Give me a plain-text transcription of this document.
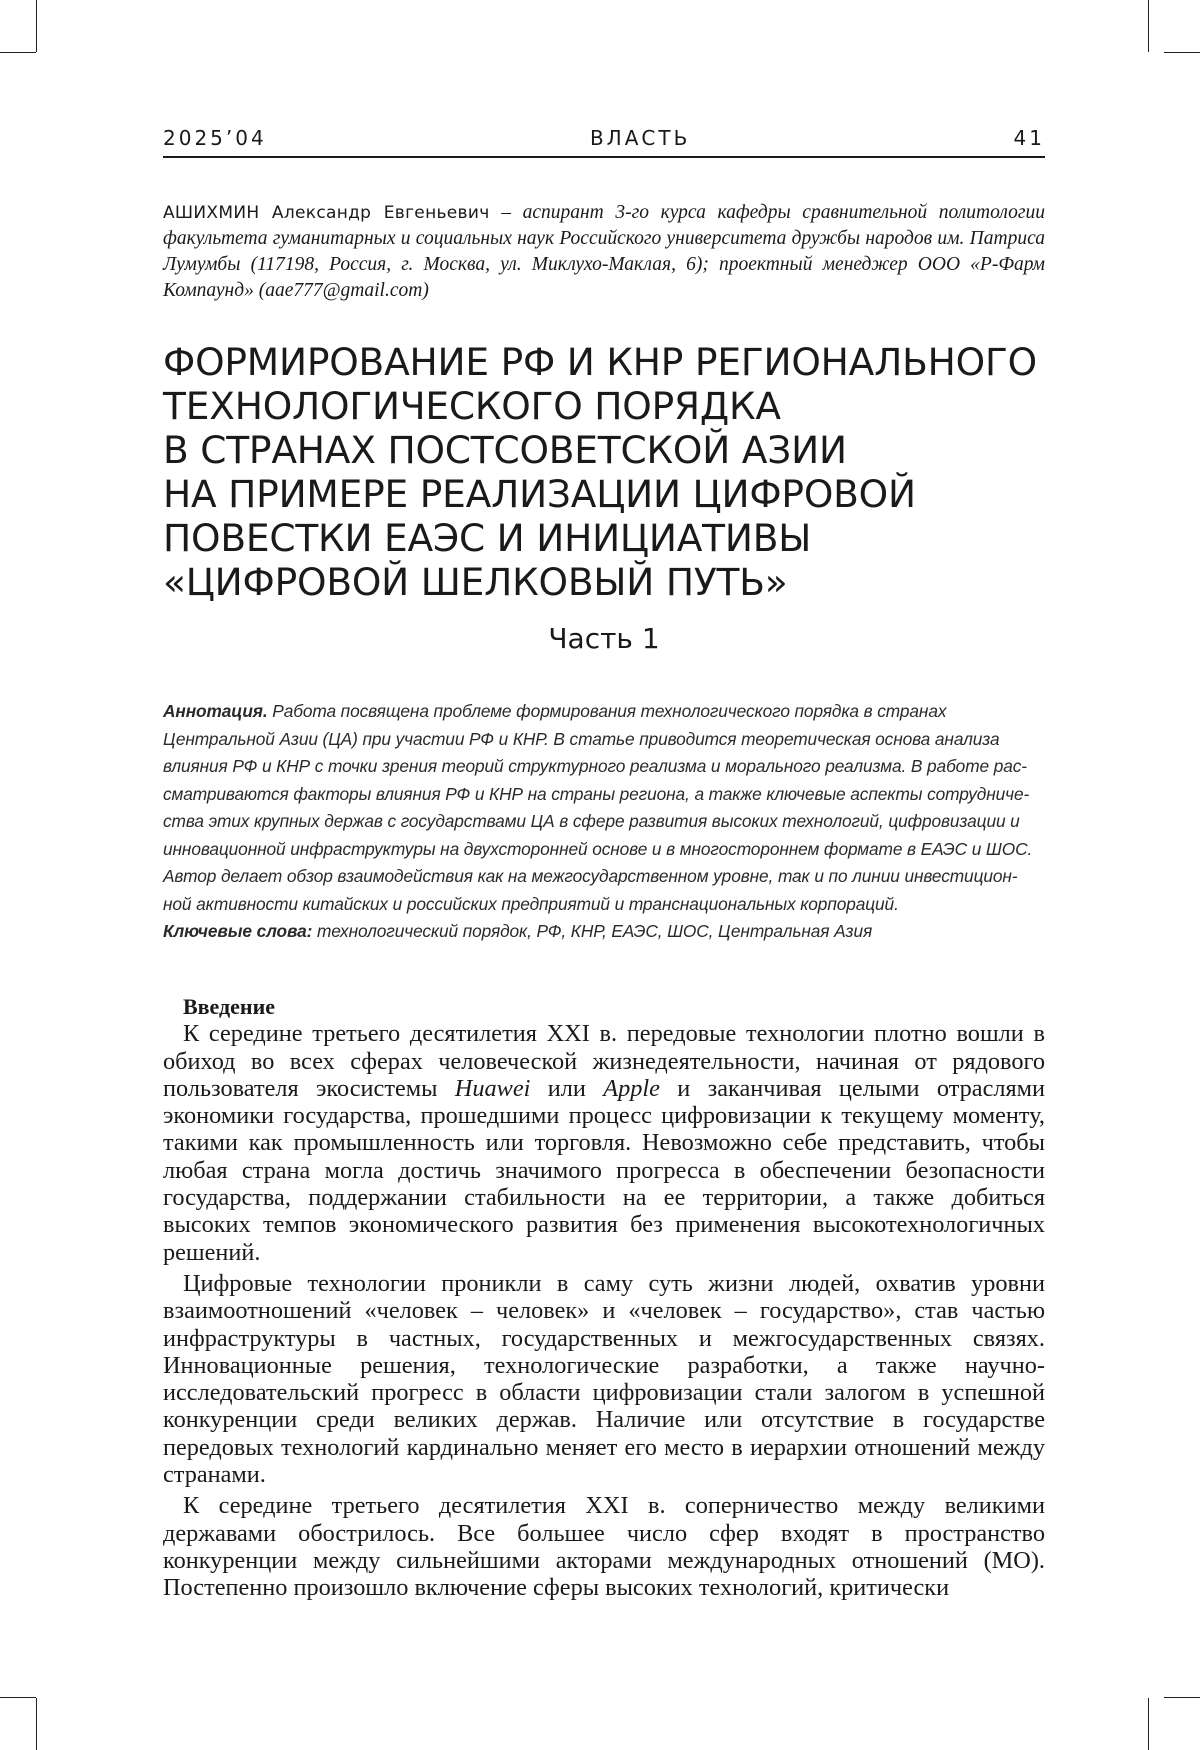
2025’04	ВЛАСТЬ	41
АШИХМИН Александр Евгеньевич – аспирант 3-го курса кафедры сравнительной политологии факультета гуманитарных и социальных наук Российского университета дружбы народов им. Патриса Лумумбы (117198, Россия, г. Москва, ул. Миклухо-Маклая, 6); проектный менеджер ООО «Р-Фарм Компаунд» (aae777@gmail.com)
ФОРМИРОВАНИЕ РФ И КНР РЕГИОНАЛЬНОГО
ТЕХНОЛОГИЧЕСКОГО ПОРЯДКА
В СТРАНАХ ПОСТСОВЕТСКОЙ АЗИИ
НА ПРИМЕРЕ РЕАЛИЗАЦИИ ЦИФРОВОЙ
ПОВЕСТКИ ЕАЭС И ИНИЦИАТИВЫ
«ЦИФРОВОЙ ШЕЛКОВЫЙ ПУТЬ»
Часть 1
Аннотация. Работа посвящена проблеме формирования технологического порядка в странах
Центральной Азии (ЦА) при участии РФ и КНР. В статье приводится теоретическая основа анализа
влияния РФ и КНР с точки зрения теорий структурного реализма и морального реализма. В работе рас-
сматриваются факторы влияния РФ и КНР на страны региона, а также ключевые аспекты сотрудниче-
ства этих крупных держав с государствами ЦА в сфере развития высоких технологий, цифровизации и
инновационной инфраструктуры на двухсторонней основе и в многостороннем формате в ЕАЭС и ШОС.
Автор делает обзор взаимодействия как на межгосударственном уровне, так и по линии инвестицион-
ной активности китайских и российских предприятий и транснациональных корпораций.
Ключевые слова: технологический порядок, РФ, КНР, ЕАЭС, ШОС, Центральная Азия

Введение

К середине третьего десятилетия XXI в. передовые технологии плотно вошли в обиход во всех сферах человеческой жизнедеятельности, начиная от рядового пользователя экосистемы Huawei или Apple и заканчивая целыми отраслями экономики государства, прошедшими процесс цифровизации к текущему моменту, такими как промышленность или торговля. Невозможно себе представить, чтобы любая страна могла достичь значимого прогресса в обеспечении безопасности государства, поддержании стабильности на ее территории, а также добиться высоких темпов экономического развития без применения высокотехнологичных решений.

Цифровые технологии проникли в саму суть жизни людей, охватив уровни взаимоотношений «человек – человек» и «человек – государство», став частью инфраструктуры в частных, государственных и межгосударственных связях. Инновационные решения, технологические разработки, а также научно-исследовательский прогресс в области цифровизации стали залогом в успешной конкуренции среди великих держав. Наличие или отсутствие в государстве передовых технологий кардинально меняет его место в иерархии отношений между странами.

К середине третьего десятилетия XXI в. соперничество между великими державами обострилось. Все большее число сфер входят в пространство конкуренции между сильнейшими акторами международных отношений (МО). Постепенно произошло включение сферы высоких технологий, критически
